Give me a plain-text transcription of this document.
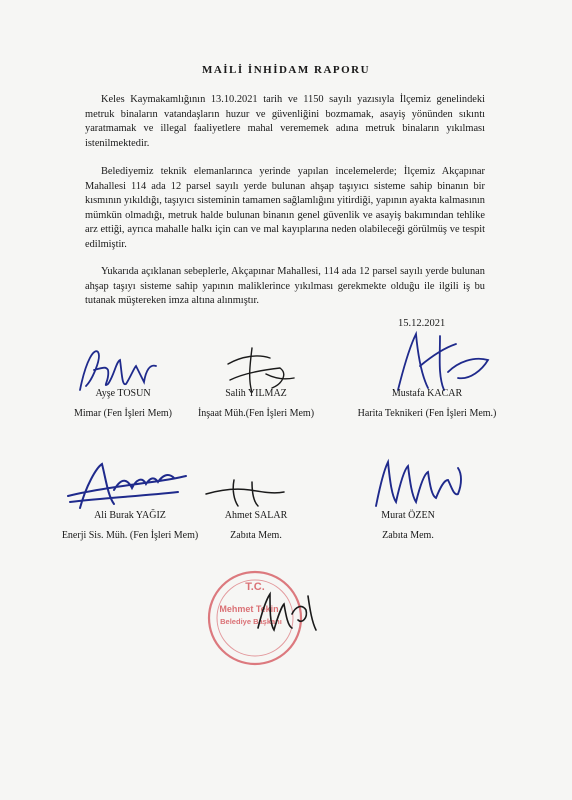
MAİLİ İNHİDAM RAPORU
Keles Kaymakamlığının 13.10.2021 tarih ve 1150 sayılı yazısıyla İlçemiz genelindeki metruk binaların vatandaşların huzur ve güvenliğini bozmamak, asayiş yönünden sıkıntı yaratmamak ve illegal faaliyetlere mahal verememek adına metruk binaların yıkılması istenilmektedir.
Belediyemiz teknik elemanlarınca yerinde yapılan incelemelerde; İlçemiz Akçapınar Mahallesi 114 ada 12 parsel sayılı yerde bulunan ahşap taşıyıcı sisteme sahip binanın bir kısmının yıkıldığı, taşıyıcı sisteminin tamamen sağlamlığını yitirdiği, yapının ayakta kalmasının mümkün olmadığı, metruk halde bulunan binanın genel güvenlik ve asayiş bakımından tehlike arz ettiği, ayrıca mahalle halkı için can ve mal kayıplarına neden olabileceği görülmüş ve tespit edilmiştir.
Yukarıda açıklanan sebeplerle, Akçapınar Mahallesi, 114 ada 12 parsel sayılı yerde bulunan ahşap taşıyı sisteme sahip yapının maliklerince yıkılması gerekmekte olduğu ile ilgili iş bu tutanak müştereken imza altına alınmıştır.
15.12.2021
Ayşe TOSUN
Mimar (Fen İşleri Mem)
Salih YILMAZ
İnşaat Müh.(Fen İşleri Mem)
Mustafa KACAR
Harita Teknikeri (Fen İşleri Mem.)
Ali Burak YAĞIZ
Enerji Sis. Müh. (Fen İşleri Mem)
Ahmet SALAR
Zabıta Mem.
Murat ÖZEN
Zabıta Mem.
T.C.
Mehmet Tekin
Belediye Başkanı
